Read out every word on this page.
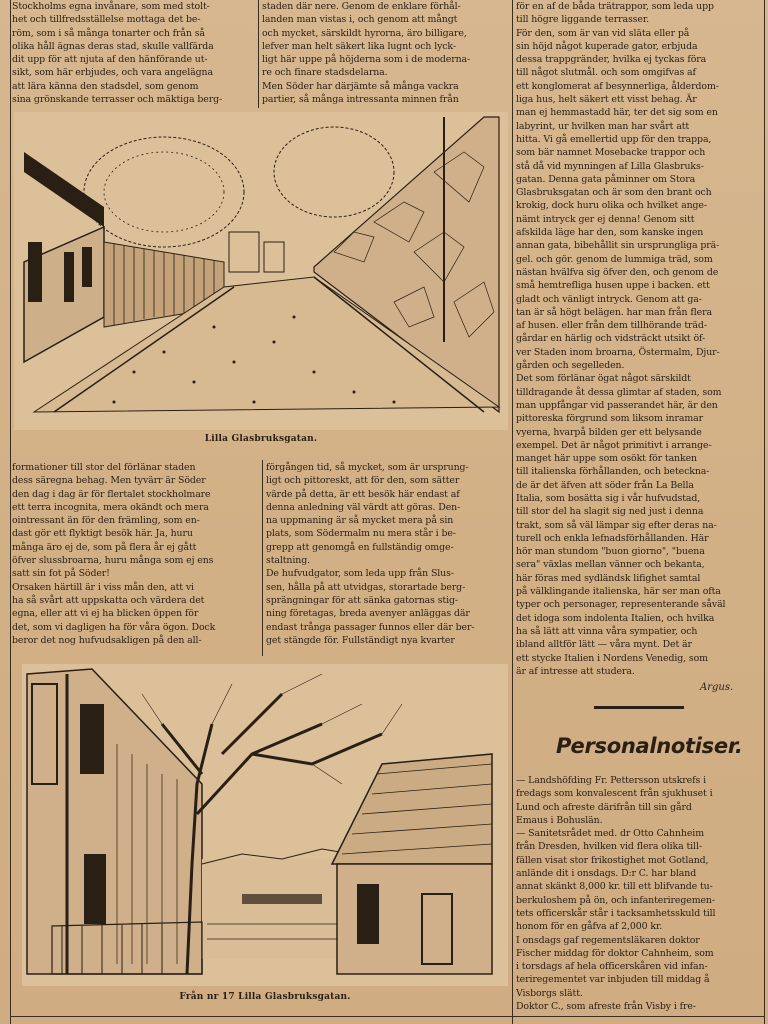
Stockholms egna invånare, som med stolt-
het och tillfredsställelse mottaga det be-
röm, som i så många tonarter och från så
olika håll ägnas deras stad, skulle vallfärda
dit upp för att njuta af den hänförande ut-
sikt, som här erbjudes, och vara angelägna
att lära känna den stadsdel, som genom
sina grönskande terrasser och mäktiga berg-
staden där nere. Genom de enklare förhål-
landen man vistas i, och genom att mångt
och mycket, särskildt hyrorna, äro billigare,
lefver man helt säkert lika lugnt och lyck-
ligt här uppe på höjderna som i de moderna-
re och finare stadsdelarna.
Men Söder har därjämte så många vackra
partier, så många intressanta minnen från
Lilla Glasbruksgatan.
formationer till stor del förlänar staden
dess säregna behag. Men tyvärr är Söder
den dag i dag är för flertalet stockholmare
ett terra incognita, mera okändt och mera
ointressant än för den främling, som en-
dast gör ett flyktigt besök här. Ja, huru
många äro ej de, som på flera år ej gått
öfver slussbroarna, huru många som ej ens
satt sin fot på Söder!
Orsaken härtill är i viss mån den, att vi
ha så svårt att uppskatta och värdera det
egna, eller att vi ej ha blicken öppen för
det, som vi dagligen ha för våra ögon. Dock
beror det nog hufvudsakligen på den all-
förgången tid, så mycket, som är ursprung-
ligt och pittoreskt, att för den, som sätter
värde på detta, är ett besök här endast af
denna anledning väl värdt att göras. Den-
na uppmaning är så mycket mera på sin
plats, som Södermalm nu mera står i be-
grepp att genomgå en fullständig omge-
staltning.
De hufvudgator, som leda upp från Slus-
sen, hålla på att utvidgas, storartade berg-
sprängningar för att sänka gatornas stig-
ning företagas, breda avenyer anläggas där
endast trånga passager funnos eller där ber-
get stängde för. Fullständigt nya kvarter
Från nr 17 Lilla Glasbruksgatan.
för en af de båda trätrappor, som leda upp
till högre liggande terrasser.
För den, som är van vid släta eller på
sin höjd något kuperade gator, erbjuda
dessa trappgränder, hvilka ej tyckas föra
till något slutmål. och som omgifvas af
ett konglomerat af besynnerliga, ålderdom-
liga hus, helt säkert ett visst behag. Är
man ej hemmastadd här, ter det sig som en
labyrint, ur hvilken man har svårt att
hitta. Vi gå emellertid upp för den trappa,
som bär namnet Mosebacke trappor och
stå då vid mynningen af Lilla Glasbruks-
gatan. Denna gata påminner om Stora
Glasbruksgatan och är som den brant och
krokig, dock huru olika och hvilket ange-
nämt intryck ger ej denna! Genom sitt
afskilda läge har den, som kanske ingen
annan gata, bibehållit sin ursprungliga prä-
gel. och gör. genom de lummiga träd, som
nästan hvälfva sig öfver den, och genom de
små hemtrefliga husen uppe i backen. ett
gladt och vänligt intryck. Genom att ga-
tan är så högt belägen. har man från flera
af husen. eller från dem tillhörande träd-
gårdar en härlig och vidsträckt utsikt öf-
ver Staden inom broarna, Östermalm, Djur-
gården och segelleden.
Det som förlänar ögat något särskildt
tilldragande åt dessa glimtar af staden, som
man uppfångar vid passerandet här, är den
pittoreska förgrund som liksom inramar
vyerna, hvarpå bilden ger ett belysande
exempel. Det är något primitivt i arrange-
manget här uppe som osökt för tanken
till italienska förhållanden, och beteckna-
de är det äfven att söder från La Bella
Italia, som bosätta sig i vår hufvudstad,
till stor del ha slagit sig ned just i denna
trakt, som så väl lämpar sig efter deras na-
turell och enkla lefnadsförhållanden. Här
hör man stundom "buon giorno", "buena
sera" växlas mellan vänner och bekanta,
här föras med sydländsk lifighet samtal
på välklingande italienska, här ser man ofta
typer och personager, representerande såväl
det idoga som indolenta Italien, och hvilka
ha så lätt att vinna våra sympatier, och
ibland alltför lätt — våra mynt. Det är
ett stycke Italien i Nordens Venedig, som
är af intresse att studera.
Argus.
Personalnotiser.
— Landshöfding Fr. Pettersson utskrefs i
fredags som konvalescent från sjukhuset i
Lund och afreste därifrån till sin gård
Emaus i Bohuslän.
— Sanitetsrådet med. dr Otto Cahnheim
från Dresden, hvilken vid flera olika till-
fällen visat stor frikostighet mot Gotland,
anlände dit i onsdags. D:r C. har bland
annat skänkt 8,000 kr. till ett blifvande tu-
berkuloshem på ön, och infanteriregemen-
tets officerskår står i tacksamhetsskuld till
honom för en gåfva af 2,000 kr.
I onsdags gaf regementsläkaren doktor
Fischer middag för doktor Cahnheim, som
i torsdags af hela officerskåren vid infan-
teriregementet var inbjuden till middag å
Visborgs slätt.
Doktor C., som afreste från Visby i fre-
